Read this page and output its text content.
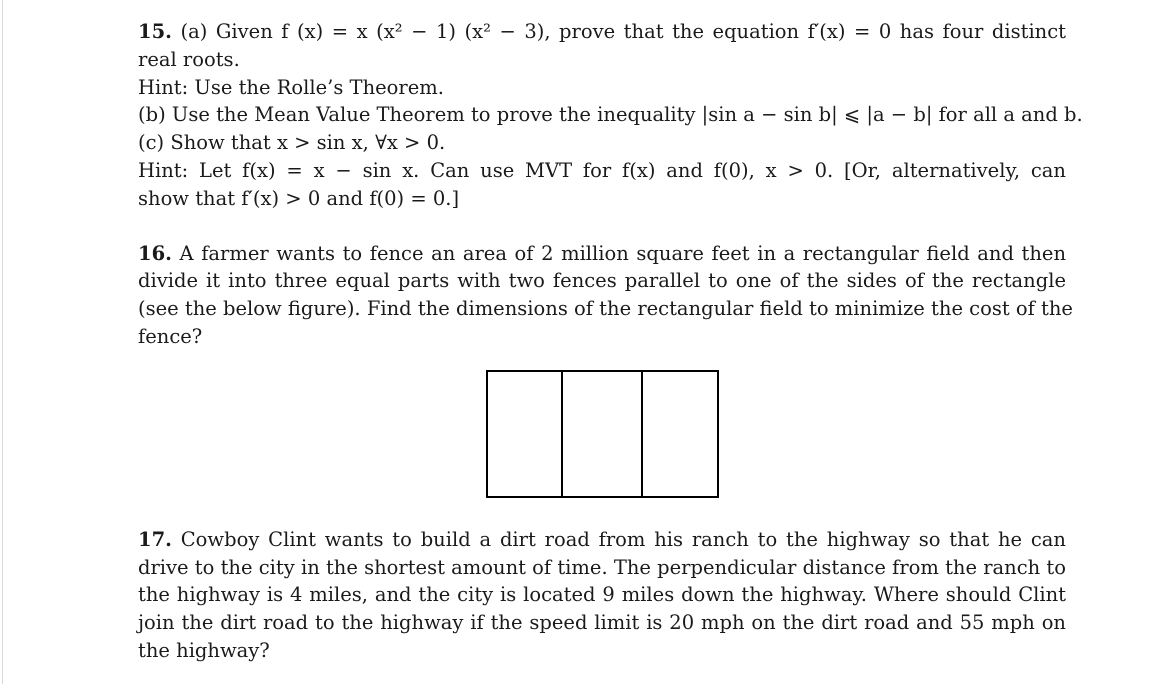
15. (a) Given f (x) = x (x² − 1) (x² − 3), prove that the equation f′(x) = 0 has four distinct
real roots.
Hint: Use the Rolle’s Theorem.
(b) Use the Mean Value Theorem to prove the inequality |sin a − sin b| ⩽ |a − b| for all a and b.
(c) Show that x > sin x, ∀x > 0.
Hint: Let f(x) = x − sin x. Can use MVT for f(x) and f(0), x > 0. [Or, alternatively, can
show that f′(x) > 0 and f(0) = 0.]
16. A farmer wants to fence an area of 2 million square feet in a rectangular field and then
divide it into three equal parts with two fences parallel to one of the sides of the rectangle
(see the below figure). Find the dimensions of the rectangular field to minimize the cost of the
fence?
17. Cowboy Clint wants to build a dirt road from his ranch to the highway so that he can
drive to the city in the shortest amount of time. The perpendicular distance from the ranch to
the highway is 4 miles, and the city is located 9 miles down the highway. Where should Clint
join the dirt road to the highway if the speed limit is 20 mph on the dirt road and 55 mph on
the highway?
